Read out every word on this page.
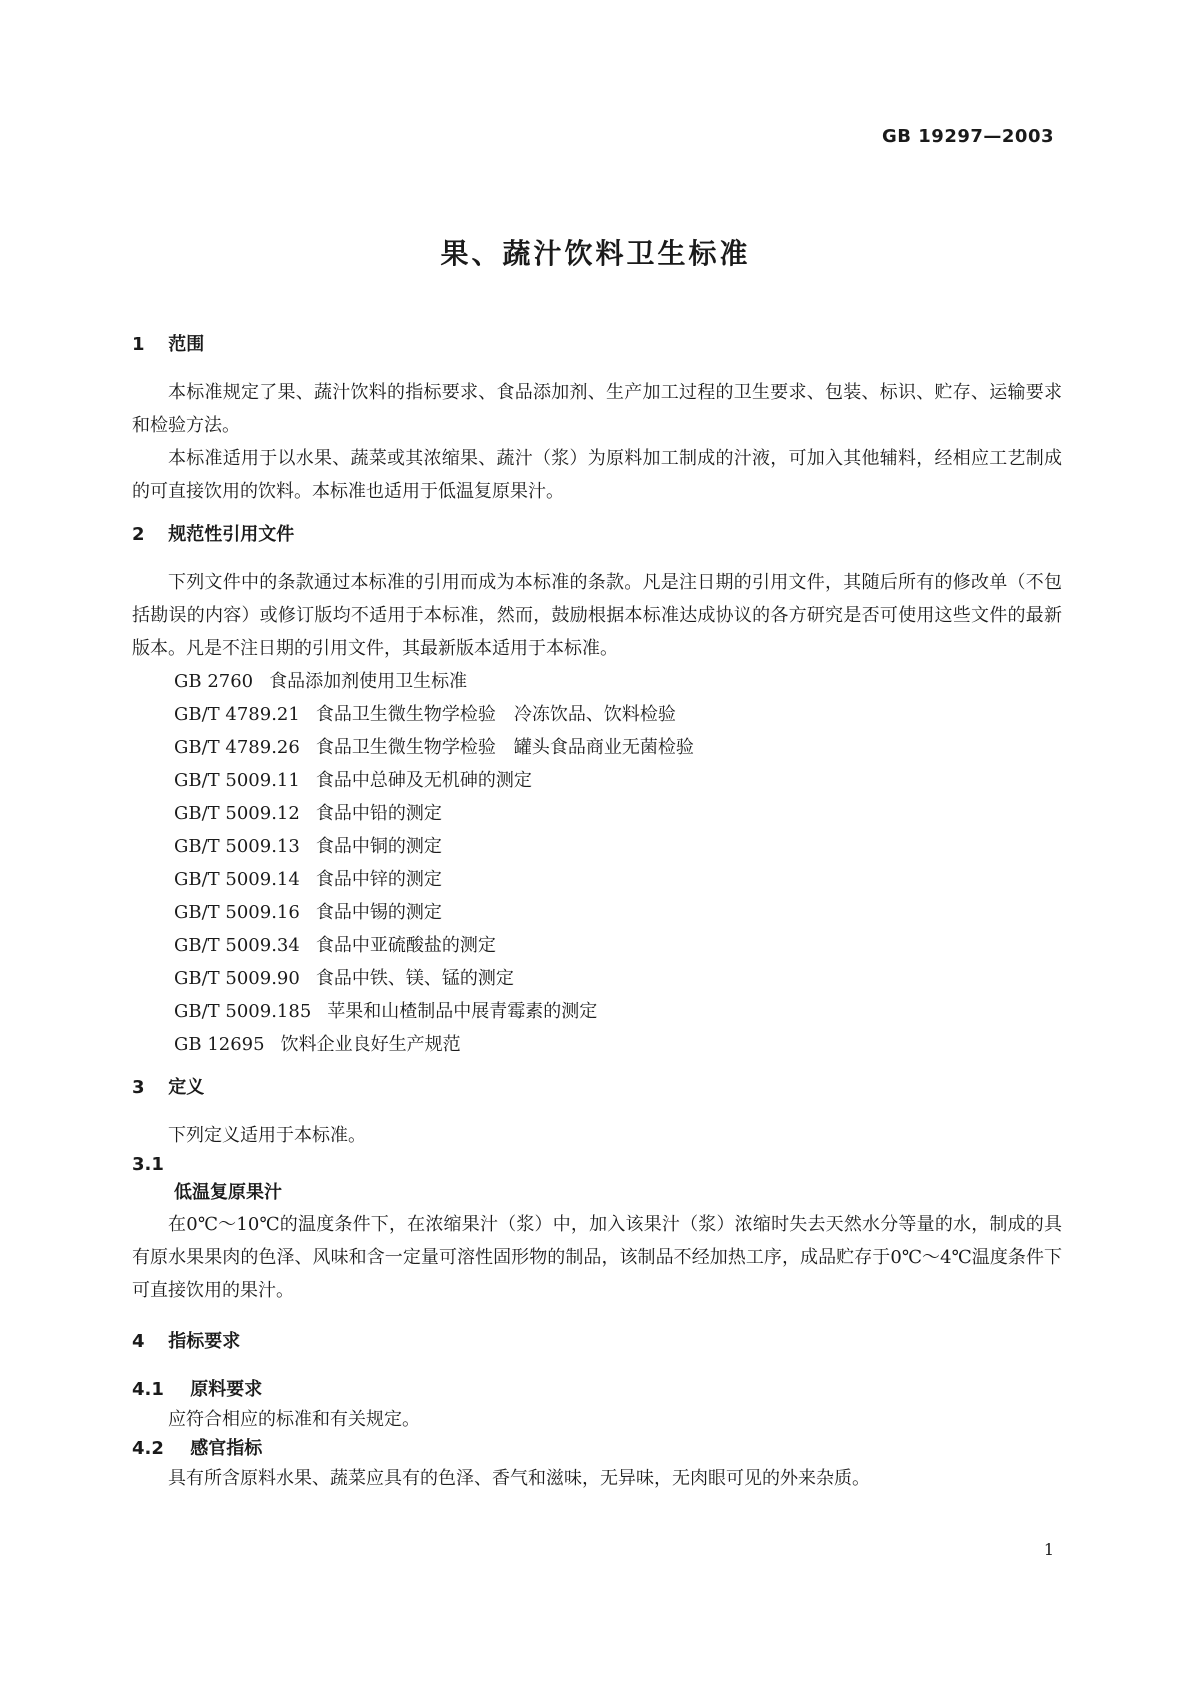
GB 19297—2003
果、蔬汁饮料卫生标准
1 范围

本标准规定了果、蔬汁饮料的指标要求、食品添加剂、生产加工过程的卫生要求、包装、标识、贮存、运输要求和检验方法。

本标准适用于以水果、蔬菜或其浓缩果、蔬汁（浆）为原料加工制成的汁液，可加入其他辅料，经相应工艺制成的可直接饮用的饮料。本标准也适用于低温复原果汁。

2 规范性引用文件

下列文件中的条款通过本标准的引用而成为本标准的条款。凡是注日期的引用文件，其随后所有的修改单（不包括勘误的内容）或修订版均不适用于本标准，然而，鼓励根据本标准达成协议的各方研究是否可使用这些文件的最新版本。凡是不注日期的引用文件，其最新版本适用于本标准。

GB 2760 食品添加剂使用卫生标准
GB/T 4789.21 食品卫生微生物学检验　冷冻饮品、饮料检验
GB/T 4789.26 食品卫生微生物学检验　罐头食品商业无菌检验
GB/T 5009.11 食品中总砷及无机砷的测定
GB/T 5009.12 食品中铅的测定
GB/T 5009.13 食品中铜的测定
GB/T 5009.14 食品中锌的测定
GB/T 5009.16 食品中锡的测定
GB/T 5009.34 食品中亚硫酸盐的测定
GB/T 5009.90 食品中铁、镁、锰的测定
GB/T 5009.185 苹果和山楂制品中展青霉素的测定
GB 12695 饮料企业良好生产规范
3 定义

下列定义适用于本标准。

3.1
低温复原果汁

在0℃～10℃的温度条件下，在浓缩果汁（浆）中，加入该果汁（浆）浓缩时失去天然水分等量的水，制成的具有原水果果肉的色泽、风味和含一定量可溶性固形物的制品，该制品不经加热工序，成品贮存于0℃～4℃温度条件下可直接饮用的果汁。

4 指标要求
4.1 原料要求

应符合相应的标准和有关规定。

4.2 感官指标

具有所含原料水果、蔬菜应具有的色泽、香气和滋味，无异味，无肉眼可见的外来杂质。

1
